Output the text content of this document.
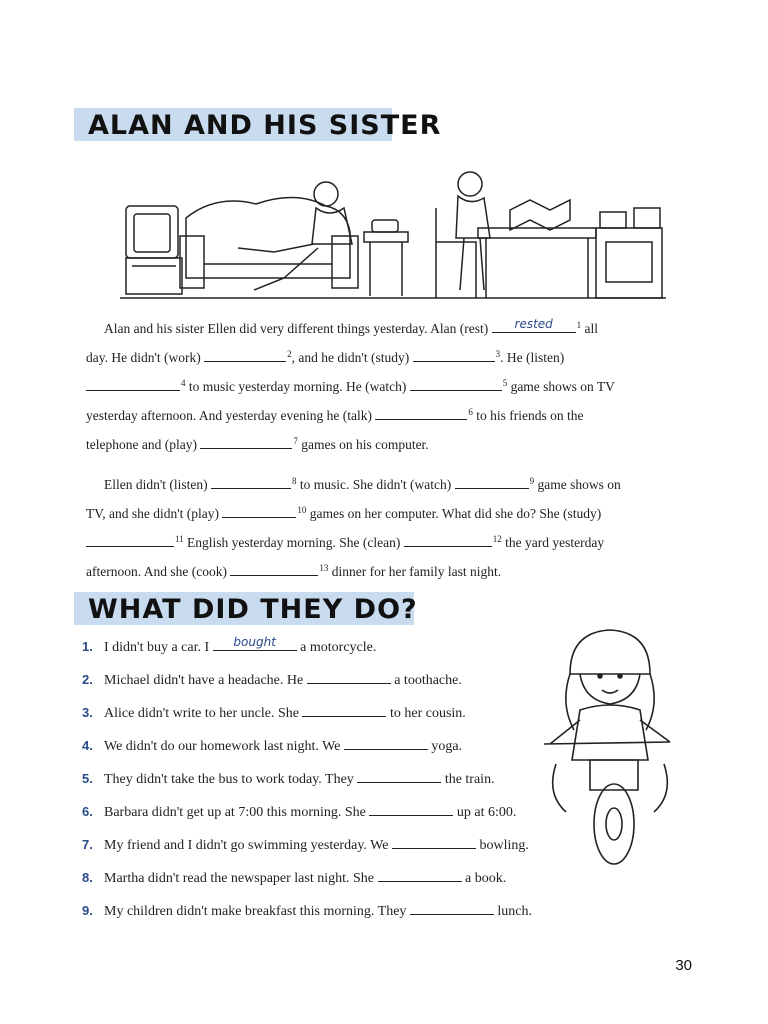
ALAN AND HIS SISTER
Alan and his sister Ellen did very different things yesterday. Alan (rest)	rested	$^1$ all
day. He didn't (work)	$^2$, and he didn't (study)	$^3$. He (listen)
$^4$ to music yesterday morning. He (watch)	$^5$ game shows on TV
yesterday afternoon. And yesterday evening he (talk)	$^6$ to his friends on the
telephone and (play)	$^7$ games on his computer.
Ellen didn't (listen)	$^8$ to music. She didn't (watch)	$^9$ game shows on
TV, and she didn't (play)	$^{10}$ games on her computer. What did she do? She (study)
$^{11}$ English yesterday morning. She (clean)	$^{12}$ the yard yesterday
afternoon. And she (cook)	$^{13}$ dinner for her family last night.
WHAT DID THEY DO?
1. I didn't buy a car. I	bought	a motorcycle.
2. Michael didn't have a headache. He	a toothache.
3. Alice didn't write to her uncle. She	to her cousin.
4. We didn't do our homework last night. We	yoga.
5. They didn't take the bus to work today. They	the train.
6. Barbara didn't get up at 7:00 this morning. She	up at 6:00.
7. My friend and I didn't go swimming yesterday. We	bowling.
8. Martha didn't read the newspaper last night. She	a book.
9. My children didn't make breakfast this morning. They	lunch.
30
